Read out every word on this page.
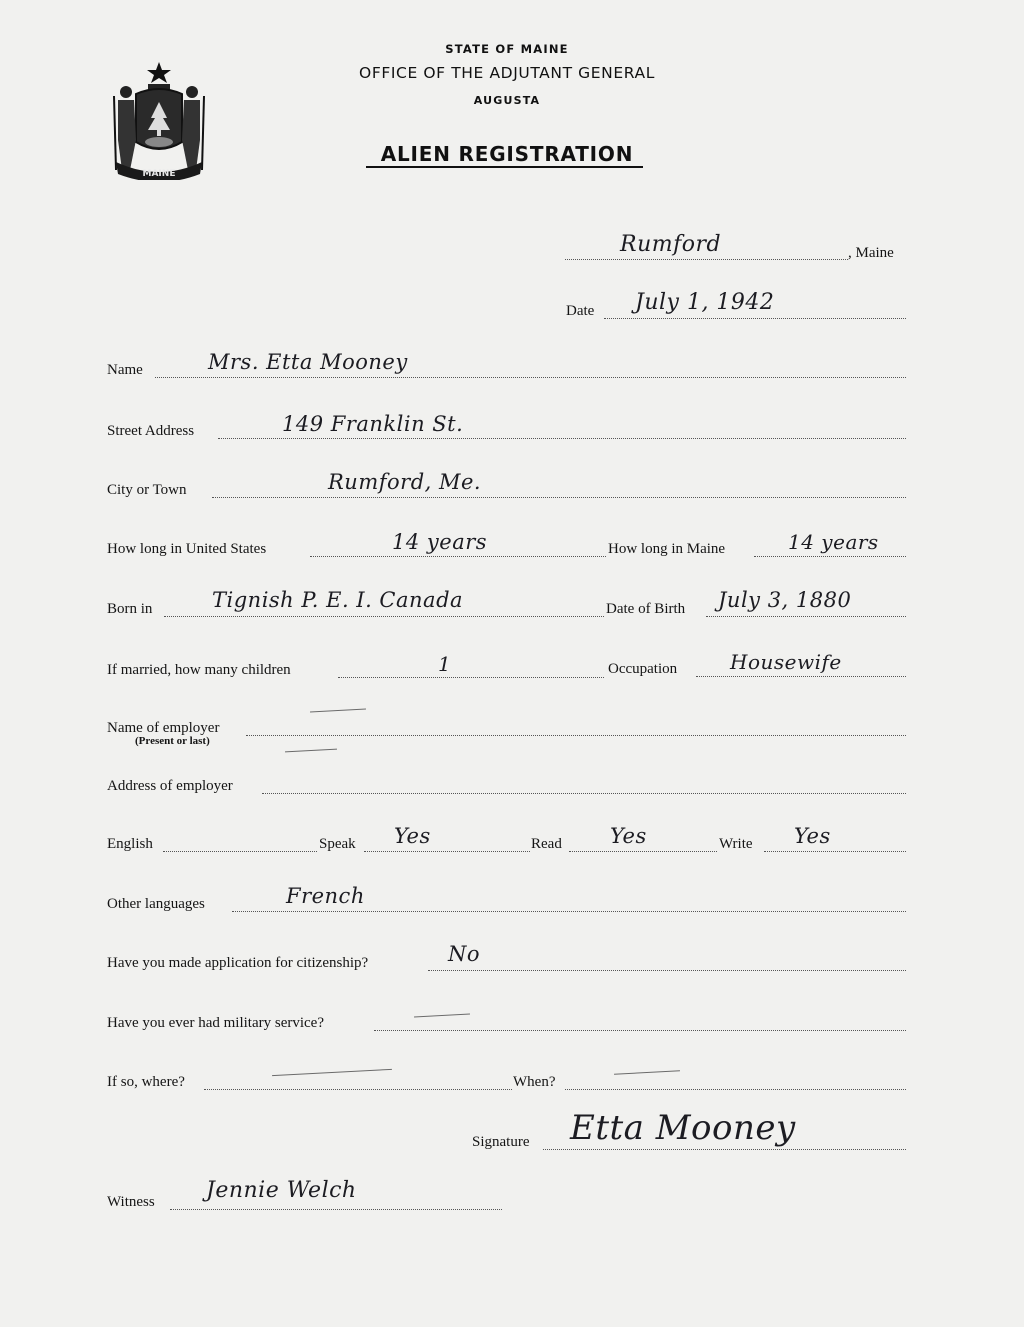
MAINE
STATE OF MAINE
OFFICE OF THE ADJUTANT GENERAL
AUGUSTA
ALIEN REGISTRATION
Rumford	, Maine
Date July 1, 1942
Name	Mrs. Etta Mooney
Street Address	149 Franklin St.
City or Town	Rumford, Me.
How long in United States	14 years	How long in Maine	14 years
Born in	Tignish P. E. I. Canada	Date of Birth July 3, 1880
If married, how many children	1	Occupation	Housewife
Name of employer
(Present or last)
Address of employer
English	Speak Yes	Read Yes	Write Yes
Other languages	French
Have you made application for citizenship?	No
Have you ever had military service?
If so, where?	When?
Signature Etta Mooney
Witness Jennie Welch
